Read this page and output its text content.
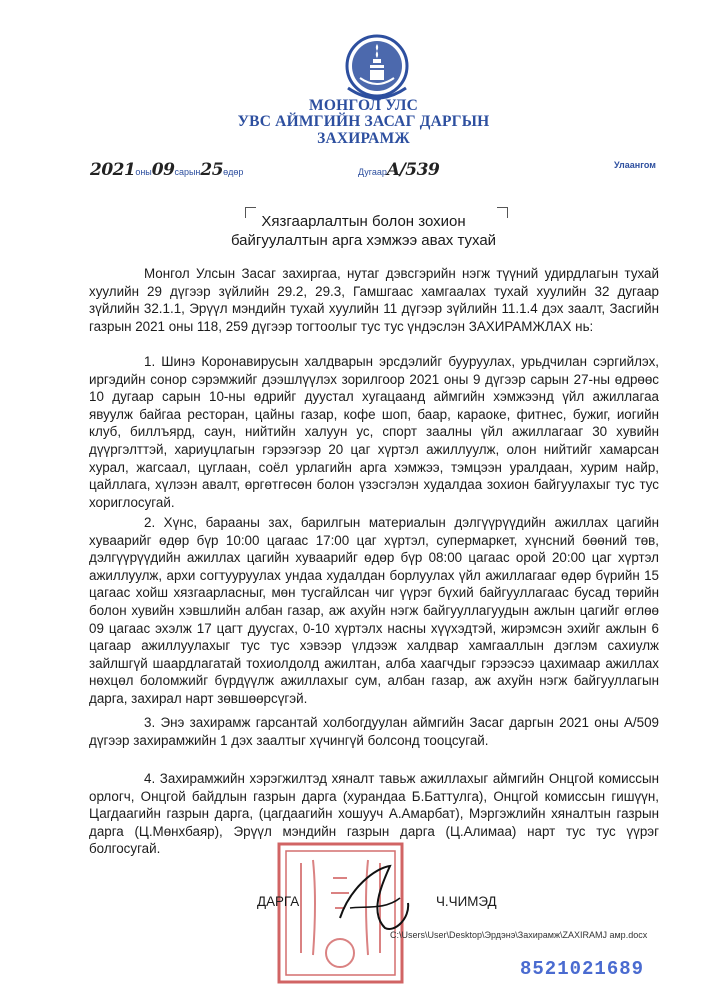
МОНГОЛ УЛС
УВС АЙМГИЙН ЗАСАГ ДАРГЫН
ЗАХИРАМЖ
2021оны09сарын25өдөр	ДугаарA/539	Улаангом
Хязгаарлалтын болон зохион
байгуулалтын арга хэмжээ авах тухай

Монгол Улсын Засаг захиргаа, нутаг дэвсгэрийн нэгж түүний удирдлагын тухай хуулийн 29 дүгээр зүйлийн 29.2, 29.3, Гамшгаас хамгаалах тухай хуулийн 32 дугаар зүйлийн 32.1.1, Эрүүл мэндийн тухай хуулийн 11 дүгээр зүйлийн 11.1.4 дэх заалт, Засгийн газрын 2021 оны 118, 259 дүгээр тогтоолыг тус тус үндэслэн ЗАХИРАМЖЛАХ нь:

1. Шинэ Коронавирусын халдварын эрсдэлийг бууруулах, урьдчилан сэргийлэх, иргэдийн сонор сэрэмжийг дээшлүүлэх зорилгоор 2021 оны 9 дүгээр сарын 27-ны өдрөөс 10 дугаар сарын 10-ны өдрийг дуустал хугацаанд аймгийн хэмжээнд үйл ажиллагаа явуулж байгаа ресторан, цайны газар, кофе шоп, баар, караоке, фитнес, бужиг, иогийн клуб, биллъярд, саун, нийтийн халуун ус, спорт заалны үйл ажиллагааг 30 хувийн дүүргэлттэй, хариуцлагын гэрээгээр 20 цаг хүртэл ажиллуулж, олон нийтийг хамарсан хурал, жагсаал, цуглаан, соёл урлагийн арга хэмжээ, тэмцээн уралдаан, хурим найр, цайллага, хүлээн авалт, өргөтгөсөн болон үзэсгэлэн худалдаа зохион байгуулахыг тус тус хориглосугай.

2. Хүнс, барааны зах, барилгын материалын дэлгүүрүүдийн ажиллах цагийн хуваарийг өдөр бүр 10:00 цагаас 17:00 цаг хүртэл, супермаркет, хүнсний бөөний төв, дэлгүүрүүдийн ажиллах цагийн хуваарийг өдөр бүр 08:00 цагаас орой 20:00 цаг хүртэл ажиллуулж, архи согтууруулах ундаа худалдан борлуулах үйл ажиллагааг өдөр бүрийн 15 цагаас хойш хязгаарласныг, мөн тусгайлсан чиг үүрэг бүхий байгууллагаас бусад төрийн болон хувийн хэвшлийн албан газар, аж ахуйн нэгж байгууллагуудын ажлын цагийг өглөө 09 цагаас эхэлж 17 цагт дуусгах, 0-10 хүртэлх насны хүүхэдтэй, жирэмсэн эхийг ажлын 6 цагаар ажиллуулахыг тус тус хэвээр үлдээж халдвар хамгааллын дэглэм сахиулж зайлшгүй шаардлагатай тохиолдолд ажилтан, алба хаагчдыг гэрээсээ цахимаар ажиллах нөхцөл боломжийг бүрдүүлж ажиллахыг сум, албан газар, аж ахуйн нэгж байгууллагын дарга, захирал нарт зөвшөөрсүгэй.

3. Энэ захирамж гарсантай холбогдуулан аймгийн Засаг даргын 2021 оны А/509 дүгээр захирамжийн 1 дэх заалтыг хүчингүй болсонд тооцсугай.

4. Захирамжийн хэрэгжилтэд хяналт тавьж ажиллахыг аймгийн Онцгой комиссын орлогч, Онцгой байдлын газрын дарга (хурандаа Б.Баттулга), Онцгой комиссын гишүүн, Цагдаагийн газрын дарга, (цагдаагийн хошууч А.Амарбат), Мэргэжлийн хяналтын газрын дарга (Ц.Мөнхбаяр), Эрүүл мэндийн газрын дарга (Ц.Алимаа) нарт тус тус үүрэг болгосугай.

ДАРГА	Ч.ЧИМЭД
C:\Users\User\Desktop\Эрдэнэ\Захирамж\ZAXIRAMJ амр.docx
8521021689
